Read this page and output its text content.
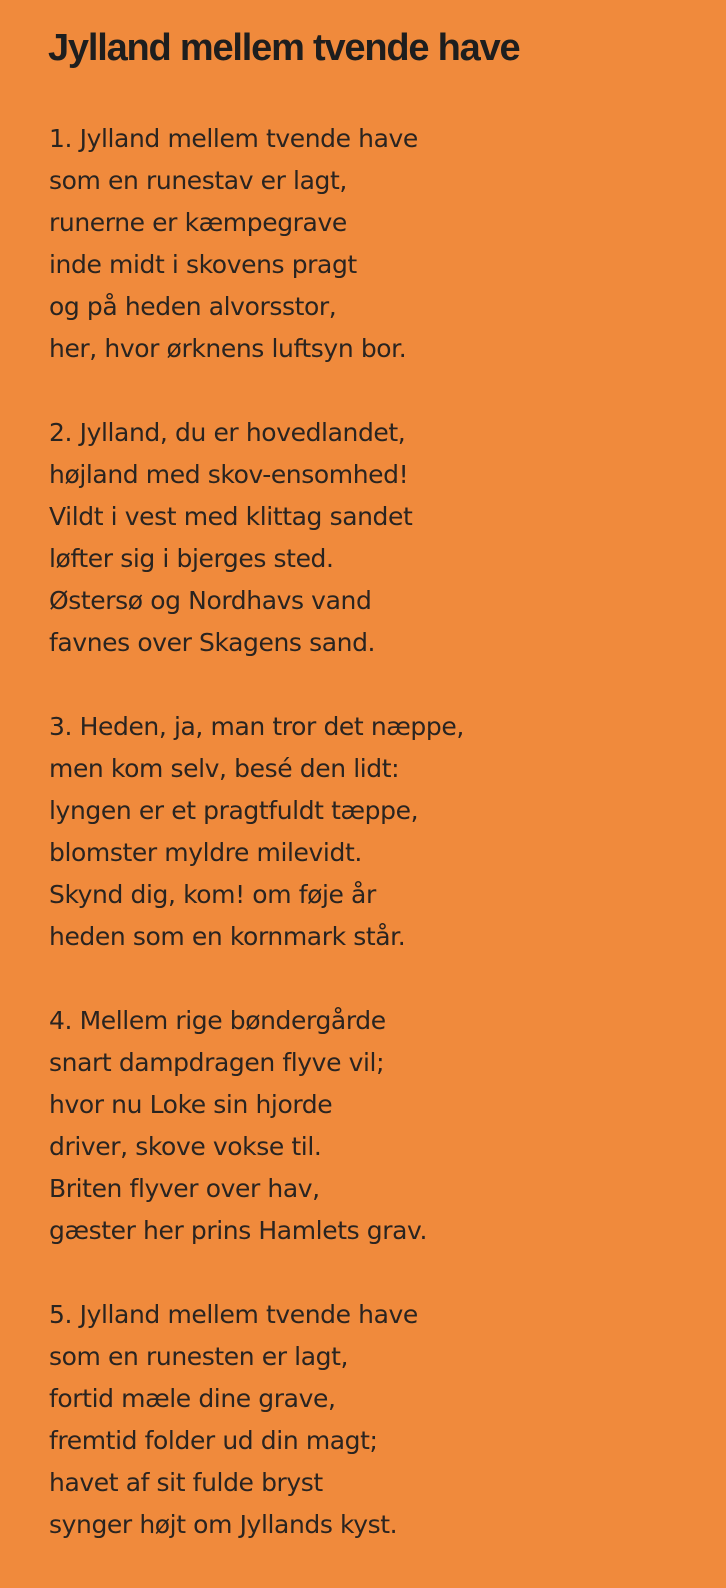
Jylland mellem tvende have
1. Jylland mellem tvende have
som en runestav er lagt,
runerne er kæmpegrave
inde midt i skovens pragt
og på heden alvorsstor,
her, hvor ørknens luftsyn bor.
2. Jylland, du er hovedlandet,
højland med skov-ensomhed!
Vildt i vest med klittag sandet
løfter sig i bjerges sted.
Østersø og Nordhavs vand
favnes over Skagens sand.
3. Heden, ja, man tror det næppe,
men kom selv, besé den lidt:
lyngen er et pragtfuldt tæppe,
blomster myldre milevidt.
Skynd dig, kom! om føje år
heden som en kornmark står.
4. Mellem rige bøndergårde
snart dampdragen flyve vil;
hvor nu Loke sin hjorde
driver, skove vokse til.
Briten flyver over hav,
gæster her prins Hamlets grav.
5. Jylland mellem tvende have
som en runesten er lagt,
fortid mæle dine grave,
fremtid folder ud din magt;
havet af sit fulde bryst
synger højt om Jyllands kyst.
